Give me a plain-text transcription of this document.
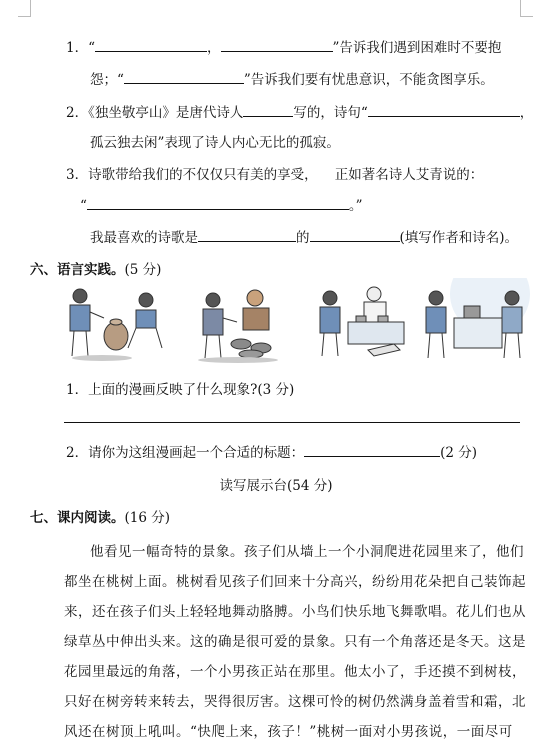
1．“	，	”告诉我们遇到困难时不要抱
怨；“	”告诉我们要有忧患意识，不能贪图享乐。
2．《独坐敬亭山》是唐代诗人	写的，诗句“	，
孤云独去闲”表现了诗人内心无比的孤寂。
3．诗歌带给我们的不仅仅只有美的享受，    正如著名诗人艾青说的：
“	。”
我最喜欢的诗歌是	的	(填写作者和诗名)。
六、语言实践。(5 分)
1．上面的漫画反映了什么现象?(3 分)
2．请你为这组漫画起一个合适的标题：	(2 分)
读写展示台(54 分)
七、课内阅读。(16 分)
他看见一幅奇特的景象。孩子们从墙上一个小洞爬进花园里来了，他们
都坐在桃树上面。桃树看见孩子们回来十分高兴，纷纷用花朵把自己装饰起
来，还在孩子们头上轻轻地舞动胳膊。小鸟们快乐地飞舞歌唱。花儿们也从
绿草丛中伸出头来。这的确是很可爱的景象。只有一个角落还是冬天。这是
花园里最远的角落，一个小男孩正站在那里。他太小了，手还摸不到树枝，
只好在树旁转来转去，哭得很厉害。这棵可怜的树仍然满身盖着雪和霜，北
风还在树顶上吼叫。“快爬上来，孩子！”桃树一面对小男孩说，一面尽可
